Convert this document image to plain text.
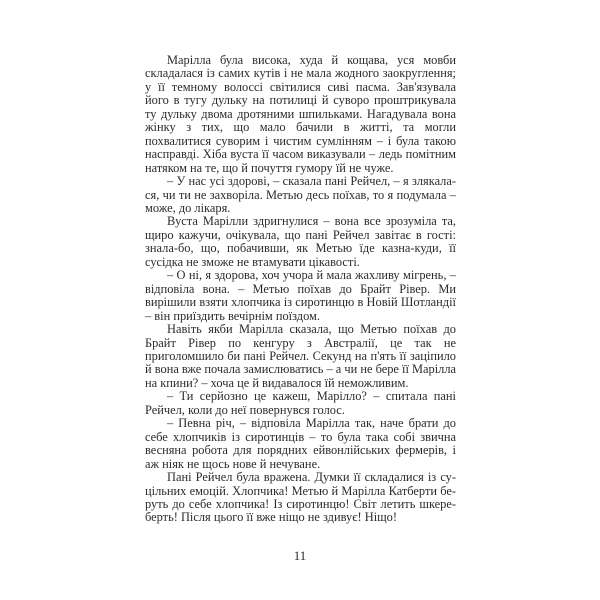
Марілла була висока, худа й кощава, уся мовби складалася із самих кутів і не мала жодного заокруглення; у її темному волоссі світилися сиві пасма. Зав'язувала його в тугу дульку на потилиці й суворо проштрикувала ту дульку двома дротяними шпильками. Нагадувала вона жінку з тих, що мало бачили в житті, та могли похвалитися суворим і чистим сумлінням – і була такою насправді. Хіба вуста її часом виказували – ледь помітним натяком на те, що й почуття гумору їй не чуже.

– У нас усі здорові, – сказала пані Рейчел, – я злякалася, чи ти не захворіла. Метью десь поїхав, то я подумала – може, до лікаря.

Вуста Марілли здригнулися – вона все зрозуміла та, щиро кажучи, очікувала, що пані Рейчел завітає в гості: знала-бо, що, побачивши, як Метью їде казна-куди, її сусідка не зможе не втамувати цікавості.

– О ні, я здорова, хоч учора й мала жахливу мігрень, – відповіла вона. – Метью поїхав до Брайт Рівер. Ми вирішили взяти хлопчика із сиротинцю в Новій Шотландії – він приїздить вечірнім поїздом.

Навіть якби Марілла сказала, що Метью поїхав до Брайт Рівер по кенгуру з Австралії, це так не приголомшило би пані Рейчел. Секунд на п'ять її заціпило й вона вже почала замислюватись – а чи не бере її Марілла на кпини? – хоча це й видавалося їй неможливим.

– Ти серйозно це кажеш, Марілло? – спитала пані Рейчел, коли до неї повернувся голос.

– Певна річ, – відповіла Марілла так, наче брати до себе хлопчиків із сиротинців – то була така собі звична весняна робота для порядних ейвонлійських фермерів, і аж ніяк не щось нове й нечуване.

Пані Рейчел була вражена. Думки її складалися із суцільних емоцій. Хлопчика! Метью й Марілла Катберти беруть до себе хлопчика! Із сиротинцю! Світ летить шкереберть! Після цього її вже ніщо не здивує! Ніщо!

11
